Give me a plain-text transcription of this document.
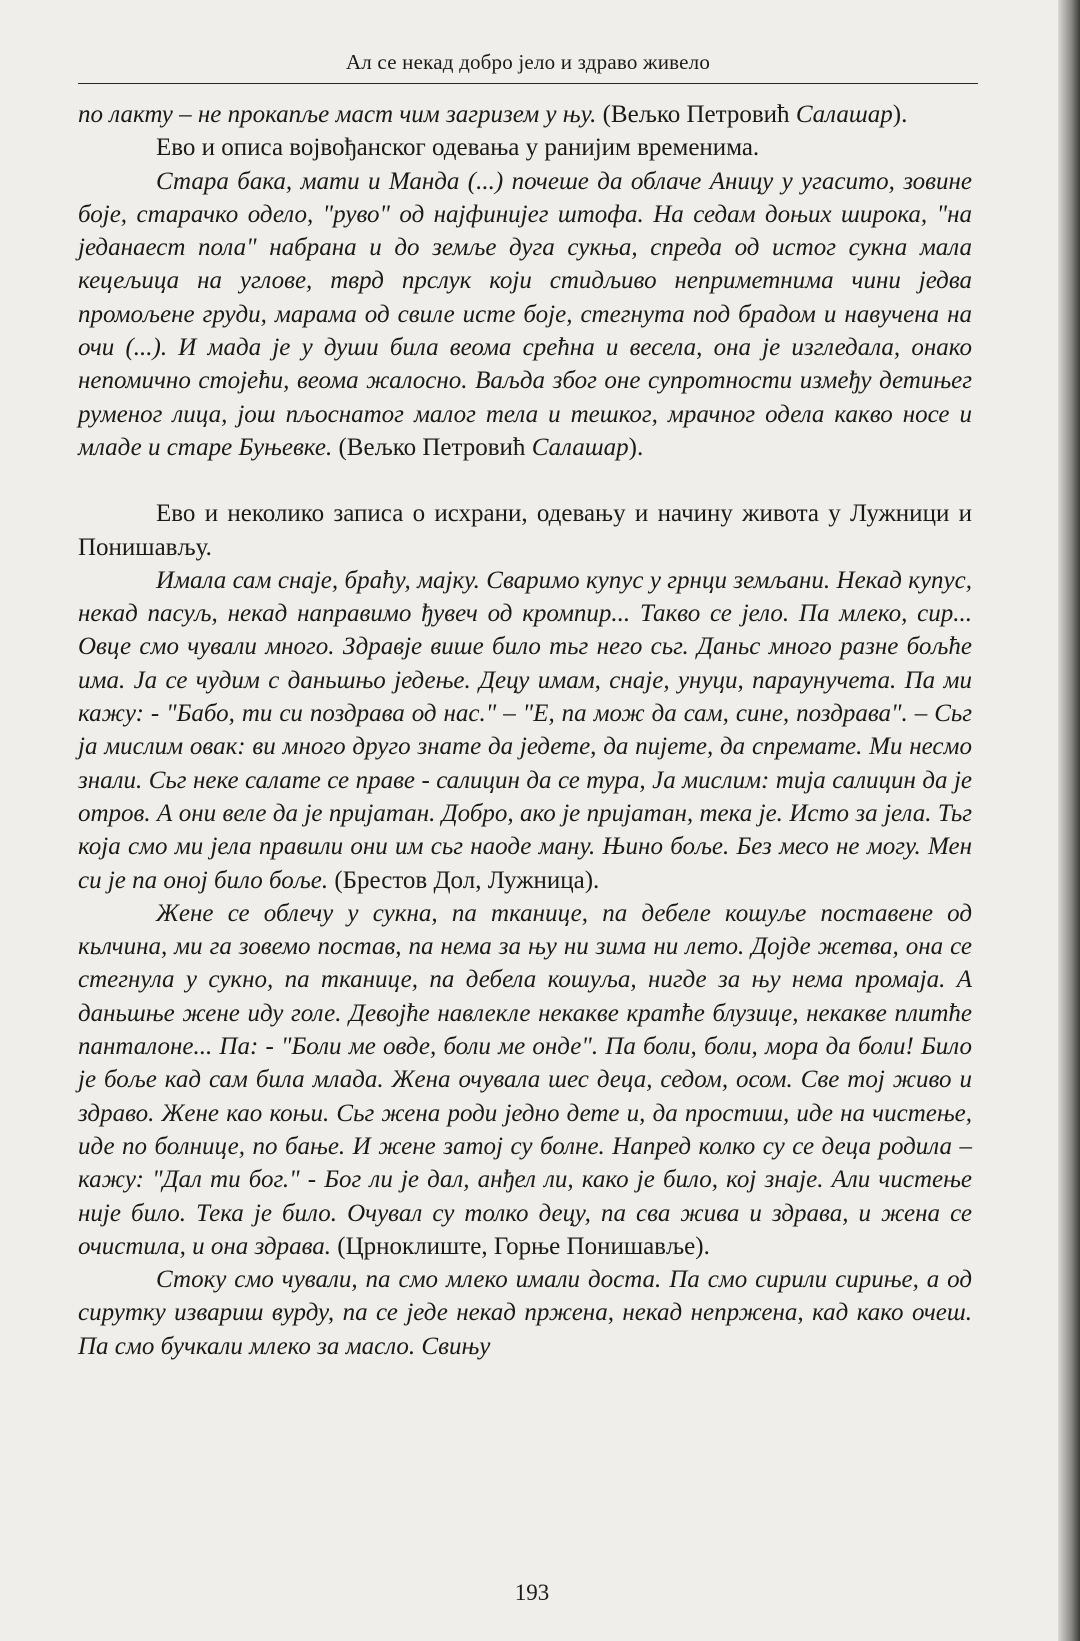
Ал се некад добро јело и здраво живело

по лакту – не прокапље маст чим загризем у њу. (Вељко Петровић Салашар).

Ево и описа војвођанског одевања у ранијим временима.

Стара бака, мати и Манда (...) почеше да облаче Аницу у угасито, зовине боје, старачко одело, "руво" од најфинијег штофа. На седам доњих широка, "на једанаест пола" набрана и до земље дуга сукња, спреда од истог сукна мала кецељица на углове, тврд прслук који стидљиво неприметнима чини једва промољене груди, марама од свиле исте боје, стегнута под брадом и навучена на очи (...). И мада је у души била веома срећна и весела, она је изгледала, онако непомично стојећи, веома жалосно. Ваљда због оне супротности између детињег руменог лица, још пљоснатог малог тела и тешког, мрачног одела какво носе и младе и старе Буњевке. (Вељко Петровић Салашар).

Ево и неколико записа о исхрани, одевању и начину живота у Лужници и Понишављу.

Имала сам снаје, браћу, мајку. Сваримо купус у грнци земљани. Некад купус, некад пасуљ, некад направимо ђувеч од кромпир... Такво се јело. Па млеко, сир... Овце смо чували много. Здравје више било тьг него сьг. Даньс много разне бољће има. Ја се чудим с даньшњо једење. Децу имам, снаје, унуци, параунучета. Па ми кажу: - "Бабо, ти си поздрава од нас." – "Е, па мож да сам, сине, поздрава". – Сьг ја мислим овак: ви много друго знате да једете, да пијете, да спремате. Ми несмо знали. Сьг неке салате се праве - салицин да се тура, Ја мислим: тија салицин да је отров. А они веле да је пријатан. Добро, ако је пријатан, тека је. Исто за јела. Тьг која смо ми јела правили они им сьг наоде ману. Њино боље. Без месо не могу. Мен си је па оној било боље. (Брестов Дол, Лужница).

Жене се облечу у сукна, па тканице, па дебеле кошуље поставене од кьлчина, ми га зовемо постав, па нема за њу ни зима ни лето. Дојде жетва, она се стегнула у сукно, па тканице, па дебела кошуља, нигде за њу нема промаја. А даньшње жене иду голе. Девојће навлекле некакве кратће блузице, некакве плитће панталоне... Па: - "Боли ме овде, боли ме онде". Па боли, боли, мора да боли! Било је боље кад сам била млада. Жена очувала шес деца, седом, осом. Све тој живо и здраво. Жене као коњи. Сьг жена роди једно дете и, да простиш, иде на чистење, иде по болнице, по бање. И жене затој су болне. Напред колко су се деца родила – кажу: "Дал ти бог." - Бог ли је дал, анђел ли, како је било, кој знаје. Али чистење није било. Тека је било. Очувал су толко децу, па сва жива и здрава, и жена се очистила, и она здрава. (Црноклиште, Горње Понишавље).

Стоку смо чували, па смо млеко имали доста. Па смо сирили сириње, а од сирутку извариш вурду, па се једе некад пржена, некад непржена, кад како очеш. Па смо бучкали млеко за масло. Свињу

193
